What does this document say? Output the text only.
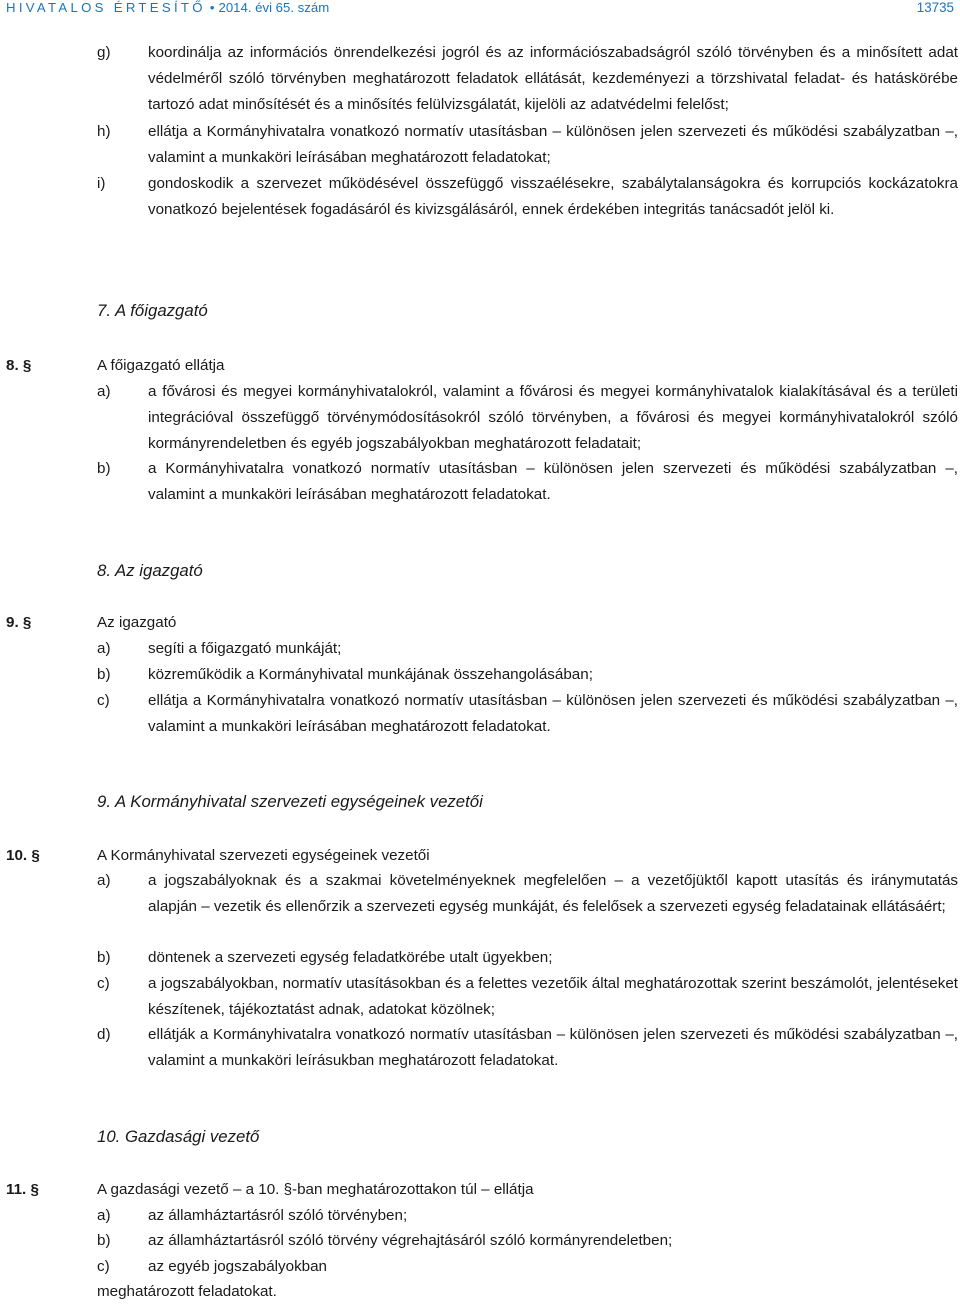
HIVATALOS ÉRTESÍTŐ • 2014. évi 65. szám	13735
g) koordinálja az információs önrendelkezési jogról és az információszabadságról szóló törvényben és a minősített adat védelméről szóló törvényben meghatározott feladatok ellátását, kezdeményezi a törzshivatal feladat- és hatáskörébe tartozó adat minősítését és a minősítés felülvizsgálatát, kijelöli az adatvédelmi felelőst;
h) ellátja a Kormányhivatalra vonatkozó normatív utasításban – különösen jelen szervezeti és működési szabályzatban –, valamint a munkaköri leírásában meghatározott feladatokat;
i)	gondoskodik a szervezet működésével összefüggő visszaélésekre, szabálytalanságokra és korrupciós kockázatokra vonatkozó bejelentések fogadásáról és kivizsgálásáról, ennek érdekében integritás tanácsadót jelöl ki.
7. A főigazgató
8. §	A főigazgató ellátja
a) a fővárosi és megyei kormányhivatalokról, valamint a fővárosi és megyei kormányhivatalok kialakításával és a területi integrációval összefüggő törvénymódosításokról szóló törvényben, a fővárosi és megyei kormányhivatalokról szóló kormányrendeletben és egyéb jogszabályokban meghatározott feladatait;
b) a Kormányhivatalra vonatkozó normatív utasításban – különösen jelen szervezeti és működési szabályzatban –, valamint a munkaköri leírásában meghatározott feladatokat.
8. Az igazgató
9. §	Az igazgató
a) segíti a főigazgató munkáját;
b) közreműködik a Kormányhivatal munkájának összehangolásában;
c)	ellátja a Kormányhivatalra vonatkozó normatív utasításban – különösen jelen szervezeti és működési szabályzatban –, valamint a munkaköri leírásában meghatározott feladatokat.
9. A Kormányhivatal szervezeti egységeinek vezetői
10. §	A Kormányhivatal szervezeti egységeinek vezetői
a) a jogszabályoknak és a szakmai követelményeknek megfelelően – a vezetőjüktől kapott utasítás és iránymutatás alapján – vezetik és ellenőrzik a szervezeti egység munkáját, és felelősek a szervezeti egység feladatainak ellátásáért;
b) döntenek a szervezeti egység feladatkörébe utalt ügyekben;
c)	a jogszabályokban, normatív utasításokban és a felettes vezetőik által meghatározottak szerint beszámolót, jelentéseket készítenek, tájékoztatást adnak, adatokat közölnek;
d) ellátják a Kormányhivatalra vonatkozó normatív utasításban – különösen jelen szervezeti és működési szabályzatban –, valamint a munkaköri leírásukban meghatározott feladatokat.
10. Gazdasági vezető
11. §	A gazdasági vezető – a 10. §-ban meghatározottakon túl – ellátja
a) az államháztartásról szóló törvényben;
b) az államháztartásról szóló törvény végrehajtásáról szóló kormányrendeletben;
c)	az egyéb jogszabályokban
meghatározott feladatokat.
